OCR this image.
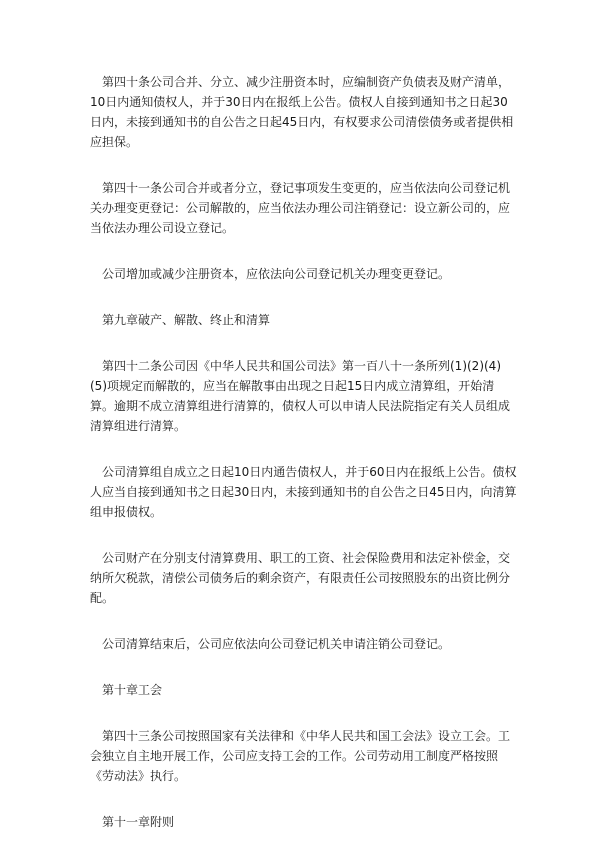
第四十条公司合并、分立、减少注册资本时，应编制资产负债表及财产清单，10日内通知债权人，并于30日内在报纸上公告。债权人自接到通知书之日起30日内，未接到通知书的自公告之日起45日内，有权要求公司清偿债务或者提供相应担保。

第四十一条公司合并或者分立，登记事项发生变更的，应当依法向公司登记机关办理变更登记：公司解散的，应当依法办理公司注销登记：设立新公司的，应当依法办理公司设立登记。

公司增加或减少注册资本，应依法向公司登记机关办理变更登记。

第九章破产、解散、终止和清算

第四十二条公司因《中华人民共和国公司法》第一百八十一条所列(1)(2)(4)(5)项规定而解散的，应当在解散事由出现之日起15日内成立清算组，开始清算。逾期不成立清算组进行清算的，债权人可以申请人民法院指定有关人员组成清算组进行清算。

公司清算组自成立之日起10日内通告债权人，并于60日内在报纸上公告。债权人应当自接到通知书之日起30日内，未接到通知书的自公告之日45日内，向清算组申报债权。

公司财产在分别支付清算费用、职工的工资、社会保险费用和法定补偿金，交纳所欠税款，清偿公司债务后的剩余资产，有限责任公司按照股东的出资比例分配。

公司清算结束后，公司应依法向公司登记机关申请注销公司登记。

第十章工会

第四十三条公司按照国家有关法律和《中华人民共和国工会法》设立工会。工会独立自主地开展工作，公司应支持工会的工作。公司劳动用工制度严格按照《劳动法》执行。

第十一章附则
